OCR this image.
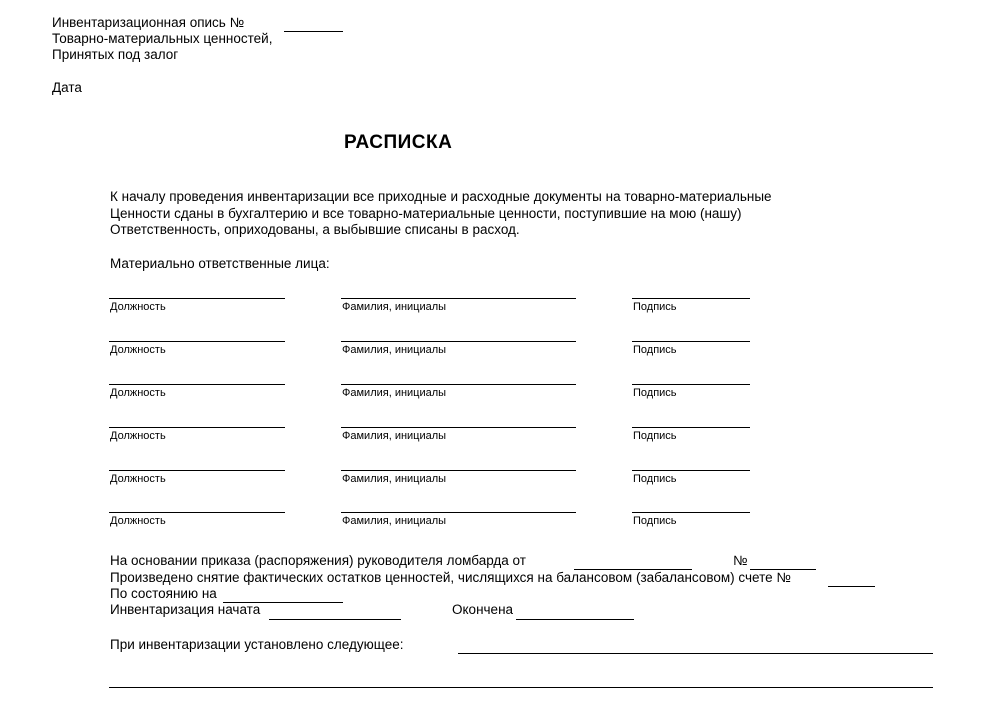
Инвентаризационная опись №
Товарно-материальных ценностей,
Принятых под залог
Дата
РАСПИСКА
К началу проведения инвентаризации все приходные и расходные документы на товарно-материальные
Ценности сданы в бухгалтерию и все товарно-материальные ценности, поступившие на мою (нашу)
Ответственность, оприходованы, а выбывшие списаны в расход.
Материально ответственные лица:
Должность	Фамилия, инициалы	Подпись
Должность	Фамилия, инициалы	Подпись
Должность	Фамилия, инициалы	Подпись
Должность	Фамилия, инициалы	Подпись
Должность	Фамилия, инициалы	Подпись
Должность	Фамилия, инициалы	Подпись
На основании приказа (распоряжения) руководителя ломбарда от	№
Произведено снятие фактических остатков ценностей, числящихся на балансовом (забалансовом) счете №
По состоянию на
Инвентаризация начата	Окончена
При инвентаризации установлено следующее:
